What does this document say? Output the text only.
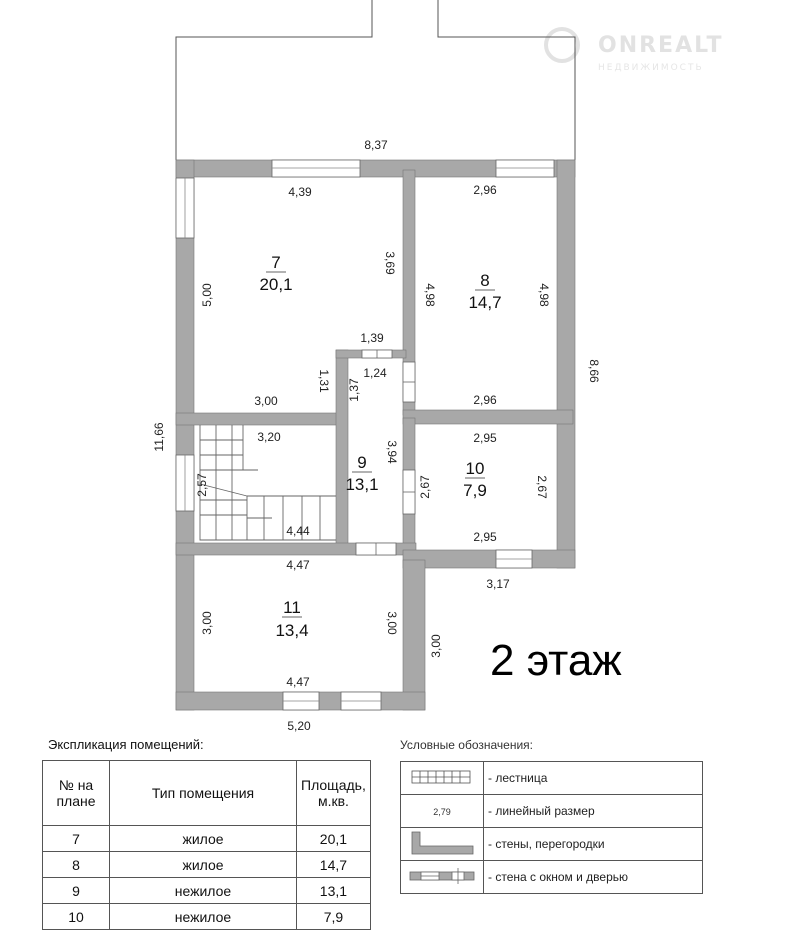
ONREALT
НЕДВИЖИМОСТЬ
7
20,1	8
14,7
9
13,1
10
7,9
11
13,4
8,37
4,39
5,00
3,69
3,00
1,39
1,31
2,96
4,98	4,98
2,96
1,24
1,37
3,94
3,20
2,57
4,44
2,95
2,67	2,67
2,95
4,47
3,00	3,00
4,47
8,66
11,66
3,17
3,00
5,20
2 этаж
Экспликация помещений:
№ на плане	Тип помещения	Площадь, м.кв.
7	жилое	20,1
8	жилое	14,7
9	нежилое	13,1
10	нежилое	7,9
Условные обозначения:
	- лестница
2,79	- линейный размер
	- стены, перегородки
	- стена с окном и дверью
